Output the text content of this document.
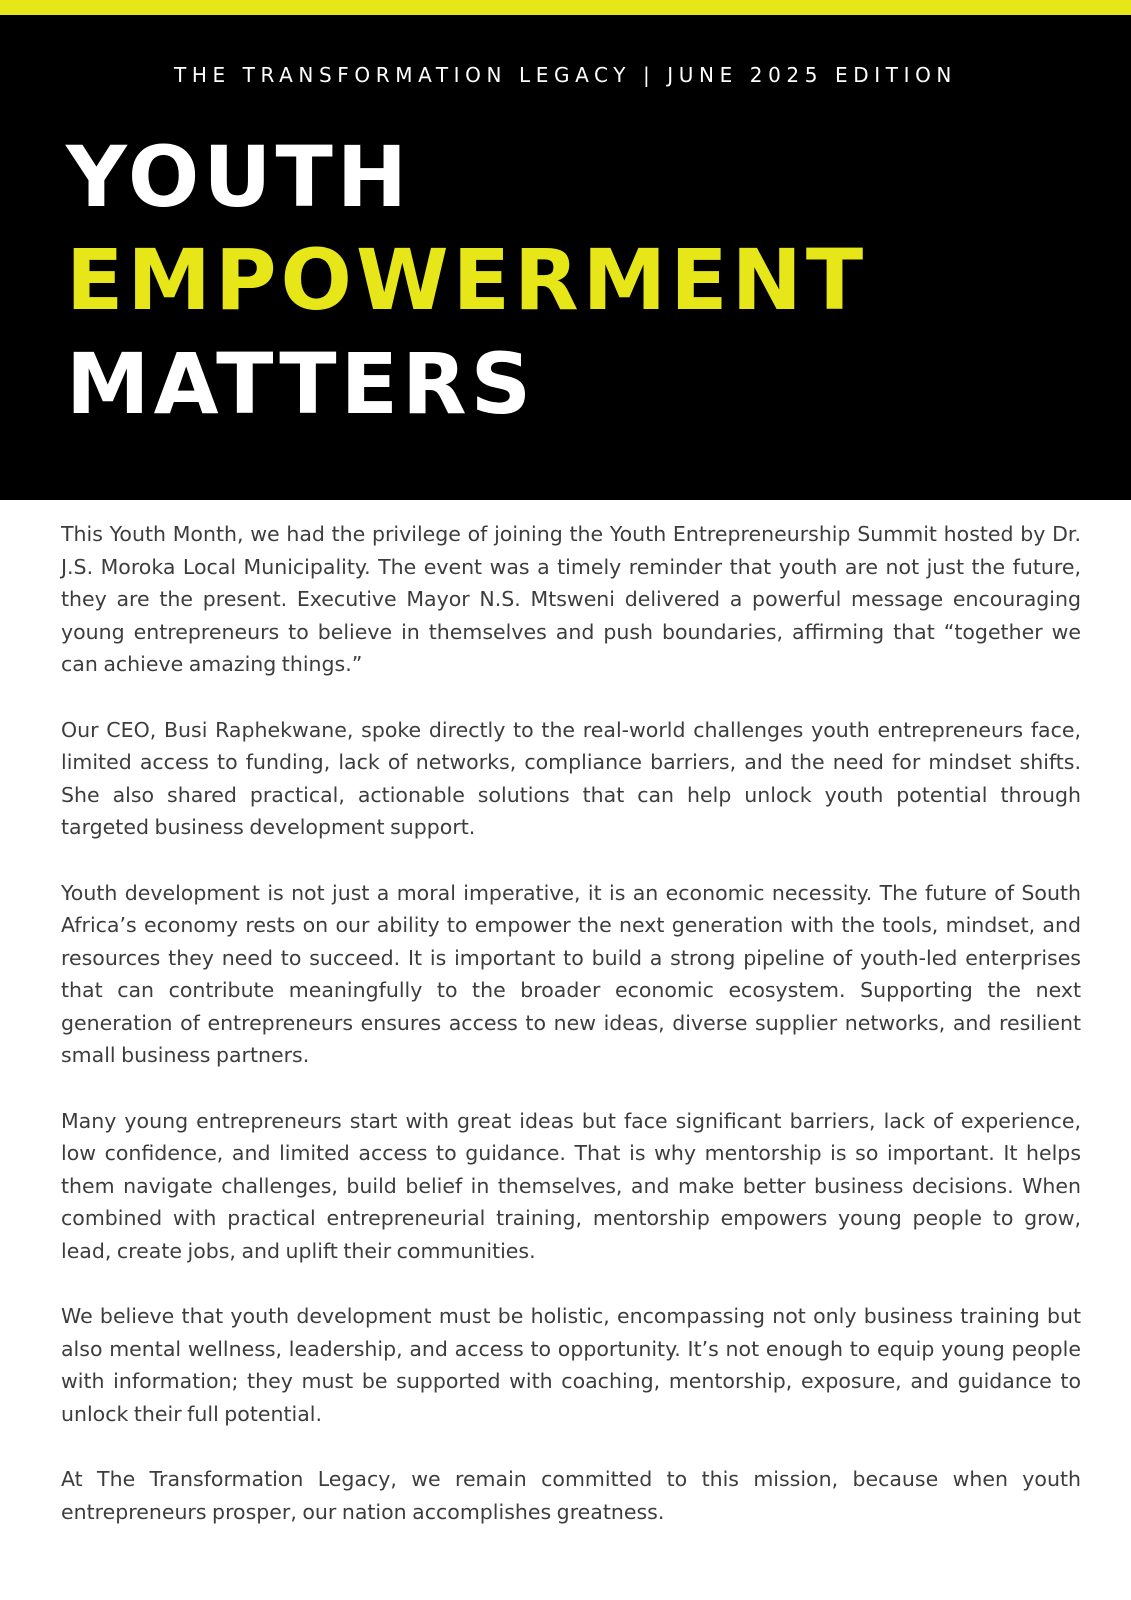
THE TRANSFORMATION LEGACY | JUNE 2025 EDITION
YOUTH
EMPOWERMENT
MATTERS

This Youth Month, we had the privilege of joining the Youth Entrepreneurship Summit hosted by Dr. J.S. Moroka Local Municipality. The event was a timely reminder that youth are not just the future, they are the present. Executive Mayor N.S. Mtsweni delivered a powerful message encouraging young entrepreneurs to believe in themselves and push boundaries, affirming that “together we can achieve amazing things.”

Our CEO, Busi Raphekwane, spoke directly to the real-world challenges youth entrepreneurs face, limited access to funding, lack of networks, compliance barriers, and the need for mindset shifts. She also shared practical, actionable solutions that can help unlock youth potential through targeted business development support.

Youth development is not just a moral imperative, it is an economic necessity. The future of South Africa’s economy rests on our ability to empower the next generation with the tools, mindset, and resources they need to succeed. It is important to build a strong pipeline of youth-led enterprises that can contribute meaningfully to the broader economic ecosystem. Supporting the next generation of entrepreneurs ensures access to new ideas, diverse supplier networks, and resilient small business partners.

Many young entrepreneurs start with great ideas but face significant barriers, lack of experience, low confidence, and limited access to guidance. That is why mentorship is so important. It helps them navigate challenges, build belief in themselves, and make better business decisions. When combined with practical entrepreneurial training, mentorship empowers young people to grow, lead, create jobs, and uplift their communities.

We believe that youth development must be holistic, encompassing not only business training but also mental wellness, leadership, and access to opportunity. It’s not enough to equip young people with information; they must be supported with coaching, mentorship, exposure, and guidance to unlock their full potential.

At The Transformation Legacy, we remain committed to this mission, because when youth entrepreneurs prosper, our nation accomplishes greatness.
